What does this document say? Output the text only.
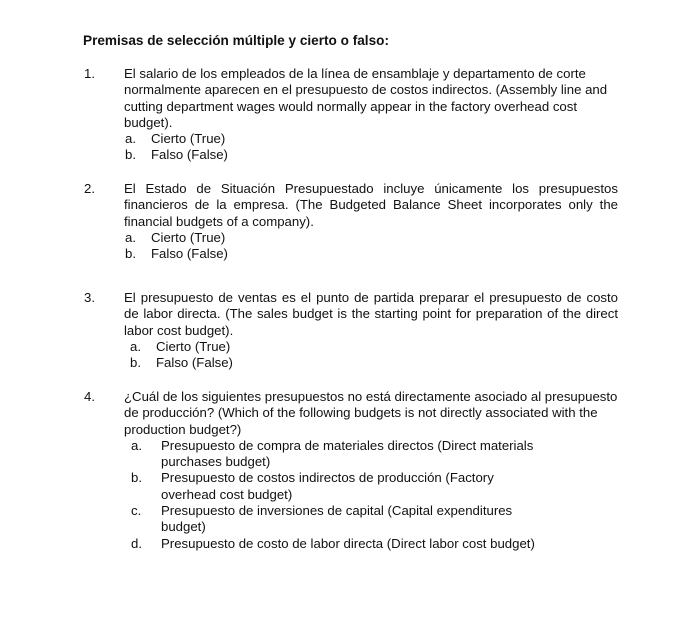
Premisas de selección múltiple y cierto o falso:
1. El salario de los empleados de la línea de ensamblaje y departamento de corte normalmente aparecen en el presupuesto de costos indirectos. (Assembly line and cutting department wages would normally appear in the factory overhead cost budget).

a.	Cierto (True)
b.	Falso (False)
2. El Estado de Situación Presupuestado incluye únicamente los presupuestos financieros de la empresa. (The Budgeted Balance Sheet incorporates only the financial budgets of a company).

a.	Cierto (True)
b.	Falso (False)
3. El presupuesto de ventas es el punto de partida preparar el presupuesto de costo de labor directa. (The sales budget is the starting point for preparation of the direct labor cost budget).

a.	Cierto (True)
b.	Falso (False)
4. ¿Cuál de los siguientes presupuestos no está directamente asociado al presupuesto de producción? (Which of the following budgets is not directly associated with the production budget?)

a.	Presupuesto de compra de materiales directos (Direct materials purchases budget)
b.	Presupuesto de costos indirectos de producción (Factory overhead cost budget)
c.	Presupuesto de inversiones de capital (Capital expenditures budget)
d.	Presupuesto de costo de labor directa (Direct labor cost budget)
